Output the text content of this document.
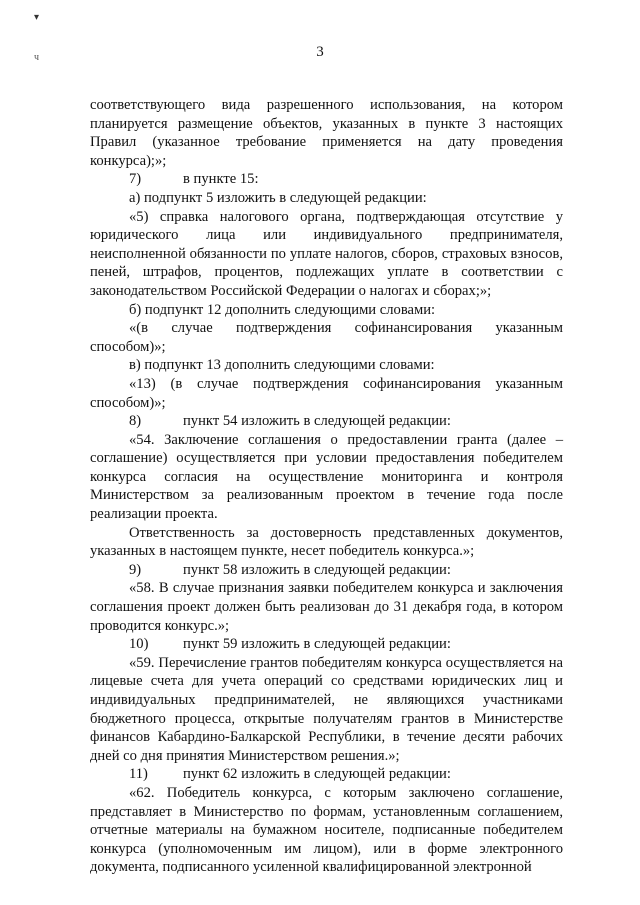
▾
ч	3

соответствующего вида разрешенного использования, на котором планируется размещение объектов, указанных в пункте 3 настоящих Правил (указанное требование применяется на дату проведения конкурса);»;

7)	в пункте 15:

а) подпункт 5 изложить в следующей редакции:

«5) справка налогового органа, подтверждающая отсутствие у юридического лица или индивидуального предпринимателя, неисполненной обязанности по уплате налогов, сборов, страховых взносов, пеней, штрафов, процентов, подлежащих уплате в соответствии с законодательством Российской Федерации о налогах и сборах;»;

б) подпункт 12 дополнить следующими словами:

«(в случае подтверждения софинансирования указанным способом)»;

в) подпункт 13 дополнить следующими словами:

«13) (в случае подтверждения софинансирования указанным способом)»;

8)	пункт 54 изложить в следующей редакции:

«54. Заключение соглашения о предоставлении гранта (далее – соглашение) осуществляется при условии предоставления победителем конкурса согласия на осуществление мониторинга и контроля Министерством за реализованным проектом в течение года после реализации проекта.

Ответственность за достоверность представленных документов, указанных в настоящем пункте, несет победитель конкурса.»;

9)	пункт 58 изложить в следующей редакции:

«58. В случае признания заявки победителем конкурса и заключения соглашения проект должен быть реализован до 31 декабря года, в котором проводится конкурс.»;

10)	пункт 59 изложить в следующей редакции:

«59. Перечисление грантов победителям конкурса осуществляется на лицевые счета для учета операций со средствами юридических лиц и индивидуальных предпринимателей, не являющихся участниками бюджетного процесса, открытые получателям грантов в Министерстве финансов Кабардино-Балкарской Республики, в течение десяти рабочих дней со дня принятия Министерством решения.»;

11)	пункт 62 изложить в следующей редакции:

«62. Победитель конкурса, с которым заключено соглашение, представляет в Министерство по формам, установленным соглашением, отчетные материалы на бумажном носителе, подписанные победителем конкурса (уполномоченным им лицом), или в форме электронного документа, подписанного усиленной квалифицированной электронной
